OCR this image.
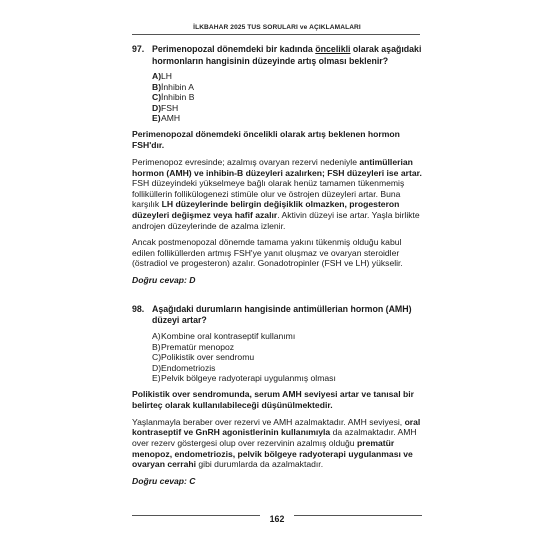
İLKBAHAR 2025 TUS SORULARI ve AÇIKLAMALARI
97. Perimenopozal dönemdeki bir kadında öncelikli olarak aşağıdaki hormonların hangisinin düzeyinde artış olması beklenir?
A) LH
B) İnhibin A
C) İnhibin B
D) FSH
E) AMH
Perimenopozal dönemdeki öncelikli olarak artış beklenen hormon FSH'dır.
Perimenopoz evresinde; azalmış ovaryan rezervi nedeniyle antimüllerian hormon (AMH) ve inhibin-B düzeyleri azalırken; FSH düzeyleri ise artar. FSH düzeyindeki yükselmeye bağlı olarak henüz tamamen tükenmemiş folliküllerin follikülogenezi stimüle olur ve östrojen düzeyleri artar. Buna karşılık LH düzeylerinde belirgin değişiklik olmazken, progesteron düzeyleri değişmez veya hafif azalır. Aktivin düzeyi ise artar. Yaşla birlikte androjen düzeylerinde de azalma izlenir.
Ancak postmenopozal dönemde tamama yakını tükenmiş olduğu kabul edilen folliküllerden artmış FSH'ye yanıt oluşmaz ve ovaryan steroidler (östradiol ve progesteron) azalır. Gonadotropinler (FSH ve LH) yükselir.
Doğru cevap: D
98. Aşağıdaki durumların hangisinde antimüllerian hormon (AMH) düzeyi artar?
A) Kombine oral kontraseptif kullanımı
B) Prematür menopoz
C) Polikistik over sendromu
D) Endometriozis
E) Pelvik bölgeye radyoterapi uygulanmış olması
Polikistik over sendromunda, serum AMH seviyesi artar ve tanısal bir belirteç olarak kullanılabileceği düşünülmektedir.
Yaşlanmayla beraber over rezervi ve AMH azalmaktadır. AMH seviyesi, oral kontraseptif ve GnRH agonistlerinin kullanımıyla da azalmaktadır. AMH over rezerv göstergesi olup over rezervinin azalmış olduğu prematür menopoz, endometriozis, pelvik bölgeye radyoterapi uygulanması ve ovaryan cerrahi gibi durumlarda da azalmaktadır.
Doğru cevap: C
162
